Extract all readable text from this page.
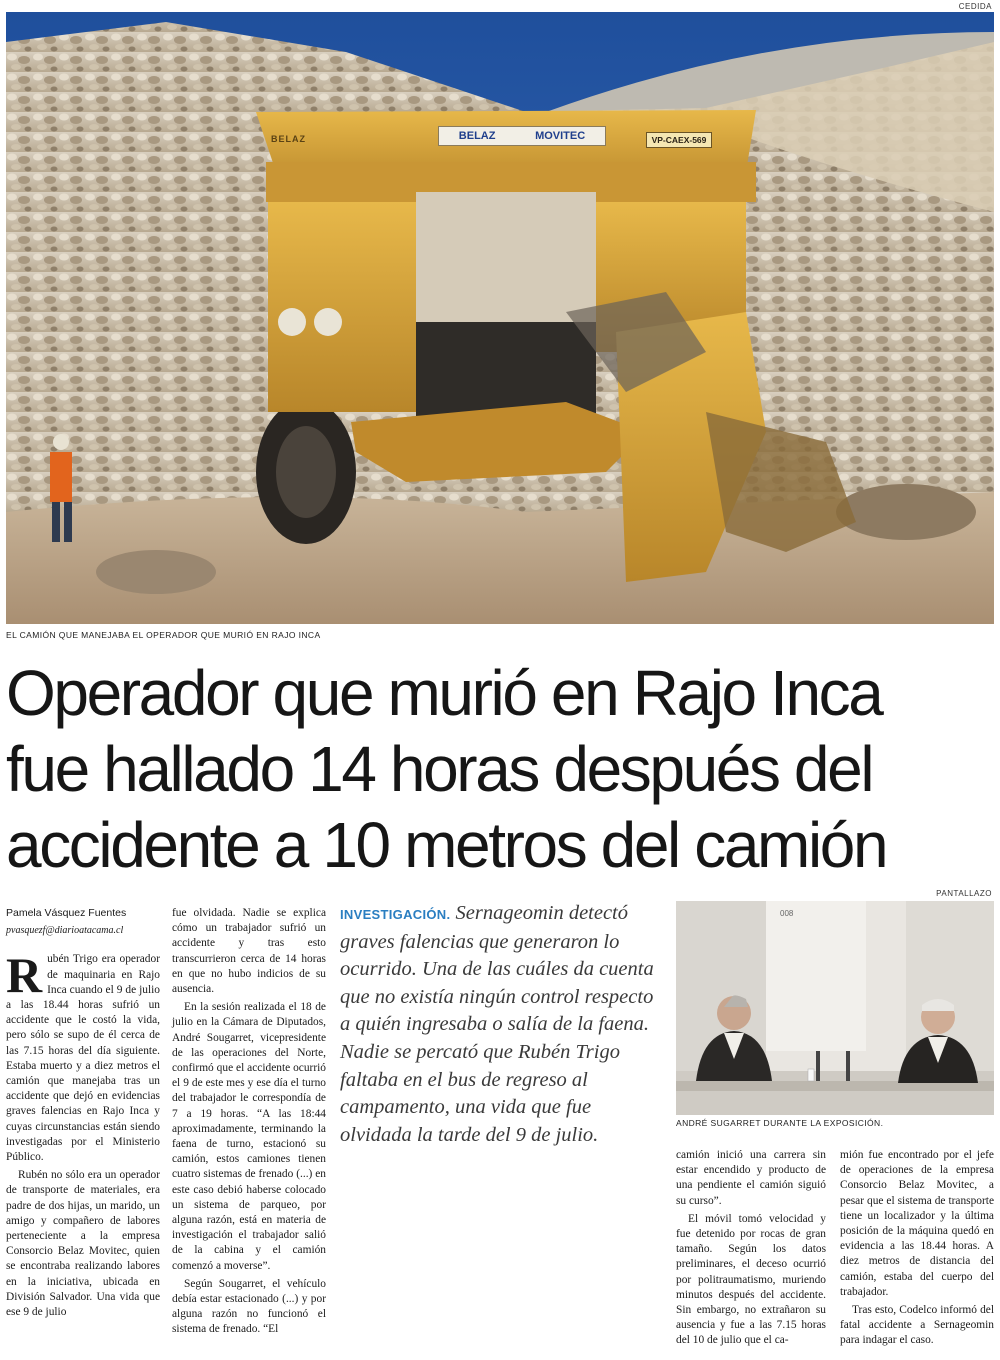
CEDIDA
BELAZ	BELAZ	MOVITEC	VP-CAEX-569
EL CAMIÓN QUE MANEJABA EL OPERADOR QUE MURIÓ EN RAJO INCA
Operador que murió en Rajo Inca
fue hallado 14 horas después del
accidente a 10 metros del camión
Pamela Vásquez Fuentes
pvasquezf@diarioatacama.cl

Rubén Trigo era operador de maquinaria en Rajo Inca cuando el 9 de julio a las 18.44 horas sufrió un accidente que le costó la vida, pero sólo se supo de él cerca de las 7.15 horas del día siguiente. Estaba muerto y a diez metros el camión que manejaba tras un accidente que dejó en evidencias graves falencias en Rajo Inca y cuyas circunstancias están siendo investigadas por el Ministerio Público.

Rubén no sólo era un operador de transporte de materiales, era padre de dos hijas, un marido, un amigo y compañero de labores perteneciente a la empresa Consorcio Belaz Movitec, quien se encontraba realizando labores en la iniciativa, ubicada en División Salvador. Una vida que ese 9 de julio

fue olvidada. Nadie se explica cómo un trabajador sufrió un accidente y tras esto transcurrieron cerca de 14 horas en que no hubo indicios de su ausencia.

En la sesión realizada el 18 de julio en la Cámara de Diputados, André Sougarret, vicepresidente de las operaciones del Norte, confirmó que el accidente ocurrió el 9 de este mes y ese día el turno del trabajador le correspondía de 7 a 19 horas. “A las 18:44 aproximadamente, terminando la faena de turno, estacionó su camión, estos camiones tienen cuatro sistemas de frenado (...) en este caso debió haberse colocado un sistema de parqueo, por alguna razón, está en materia de investigación el trabajador salió de la cabina y el camión comenzó a moverse”.

Según Sougarret, el vehículo debía estar estacionado (...) y por alguna razón no funcionó el sistema de frenado. “El

INVESTIGACIÓN. Sernageomin detectó graves falencias que generaron lo ocurrido. Una de las cuáles da cuenta que no existía ningún control respecto a quién ingresaba o salía de la faena. Nadie se percató que Rubén Trigo faltaba en el bus de regreso al campamento, una vida que fue olvidada la tarde del 9 de julio.
PANTALLAZO
008
ANDRÉ SUGARRET DURANTE LA EXPOSICIÓN.

camión inició una carrera sin estar encendido y producto de una pendiente el camión siguió su curso”.

El móvil tomó velocidad y fue detenido por rocas de gran tamaño. Según los datos preliminares, el deceso ocurrió por politraumatismo, muriendo minutos después del accidente. Sin embargo, no extrañaron su ausencia y fue a las 7.15 horas del 10 de julio que el ca-

mión fue encontrado por el jefe de operaciones de la empresa Consorcio Belaz Movitec, a pesar que el sistema de transporte tiene un localizador y la última posición de la máquina quedó en evidencia a las 18.44 horas. A diez metros de distancia del camión, estaba del cuerpo del trabajador.

Tras esto, Codelco informó del fatal accidente a Sernageomin para indagar el caso.
